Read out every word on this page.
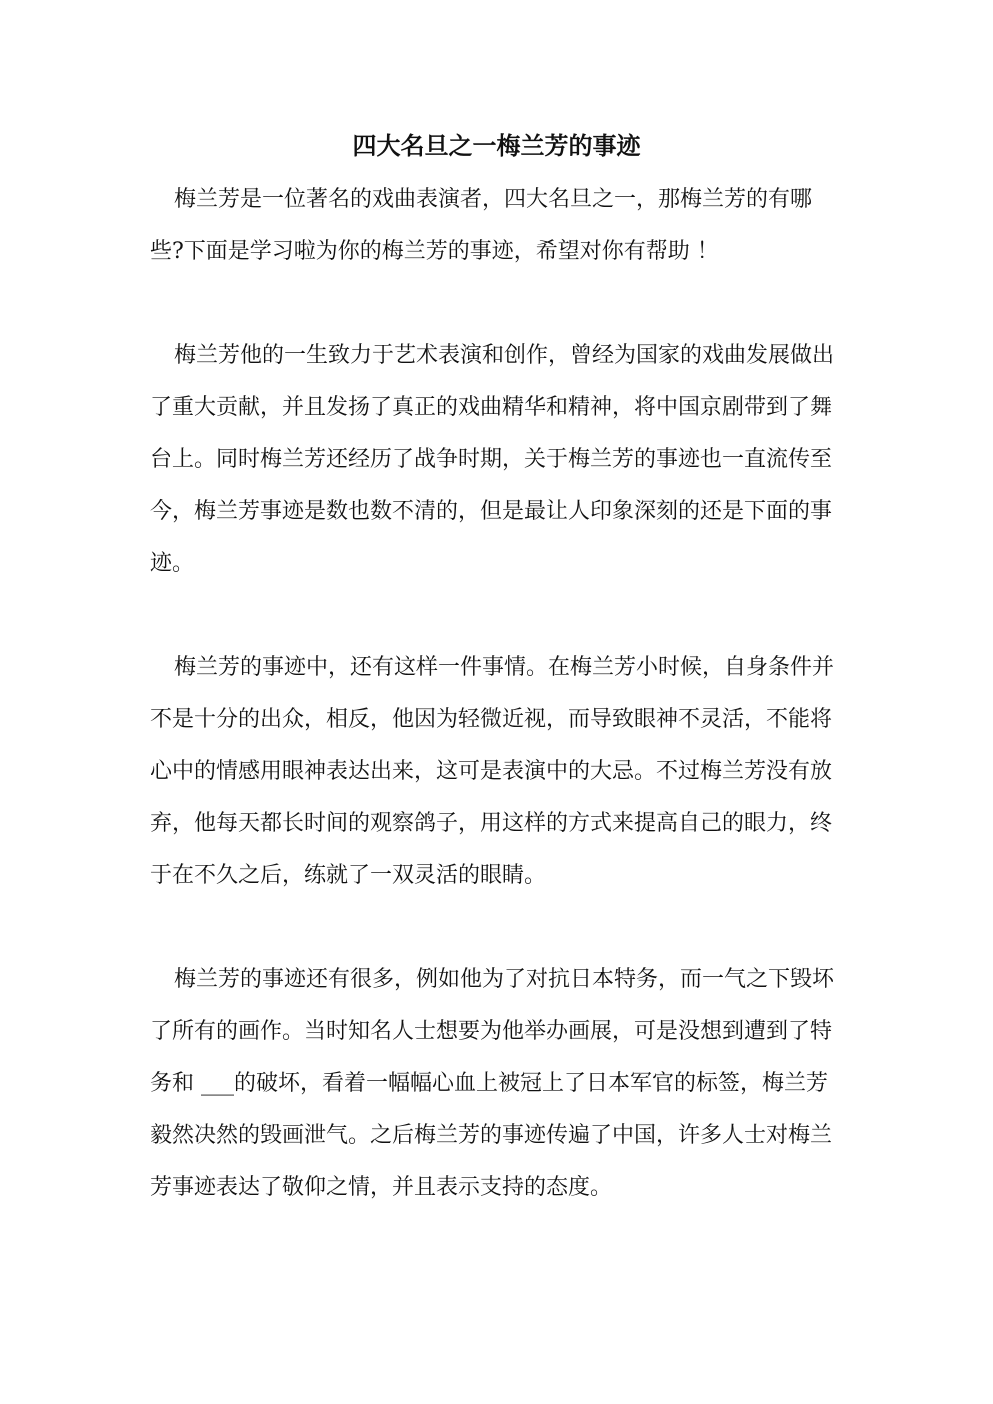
四大名旦之一梅兰芳的事迹

梅兰芳是一位著名的戏曲表演者，四大名旦之一，那梅兰芳的有哪些?下面是学习啦为你的梅兰芳的事迹，希望对你有帮助 ！

梅兰芳他的一生致力于艺术表演和创作，曾经为国家的戏曲发展做出了重大贡献，并且发扬了真正的戏曲精华和精神，将中国京剧带到了舞台上。同时梅兰芳还经历了战争时期，关于梅兰芳的事迹也一直流传至今，梅兰芳事迹是数也数不清的，但是最让人印象深刻的还是下面的事迹。

梅兰芳的事迹中，还有这样一件事情。在梅兰芳小时候，自身条件并不是十分的出众，相反，他因为轻微近视，而导致眼神不灵活，不能将心中的情感用眼神表达出来，这可是表演中的大忌。不过梅兰芳没有放弃，他每天都长时间的观察鸽子，用这样的方式来提高自己的眼力，终于在不久之后，练就了一双灵活的眼睛。

梅兰芳的事迹还有很多，例如他为了对抗日本特务，而一气之下毁坏了所有的画作。当时知名人士想要为他举办画展，可是没想到遭到了特务和 ___的破坏，看着一幅幅心血上被冠上了日本军官的标签，梅兰芳毅然决然的毁画泄气。之后梅兰芳的事迹传遍了中国，许多人士对梅兰芳事迹表达了敬仰之情，并且表示支持的态度。
